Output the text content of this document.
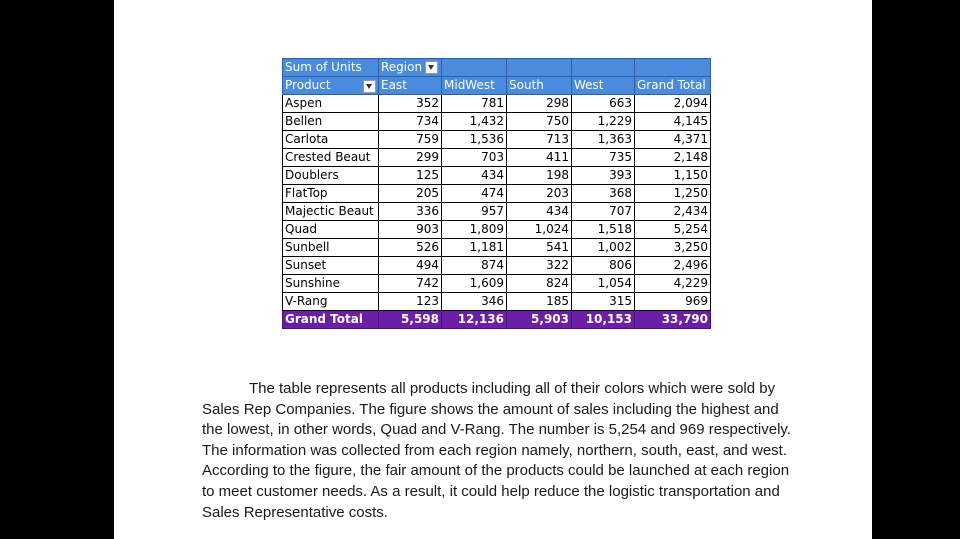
Sum of Units	Region				
Product	East	MidWest	South	West	Grand Total
Aspen	352	781	298	663	2,094
Bellen	734	1,432	750	1,229	4,145
Carlota	759	1,536	713	1,363	4,371
Crested Beaut	299	703	411	735	2,148
Doublers	125	434	198	393	1,150
FlatTop	205	474	203	368	1,250
Majectic Beaut	336	957	434	707	2,434
Quad	903	1,809	1,024	1,518	5,254
Sunbell	526	1,181	541	1,002	3,250
Sunset	494	874	322	806	2,496
Sunshine	742	1,609	824	1,054	4,229
V-Rang	123	346	185	315	969
Grand Total	5,598	12,136	5,903	10,153	33,790

The table represents all products including all of their colors which were sold by Sales Rep Companies. The figure shows the amount of sales including the highest and the lowest, in other words, Quad and V-Rang. The number is 5,254 and 969 respectively. The information was collected from each region namely, northern, south, east, and west. According to the figure, the fair amount of the products could be launched at each region to meet customer needs. As a result, it could help reduce the logistic transportation and Sales Representative costs.
